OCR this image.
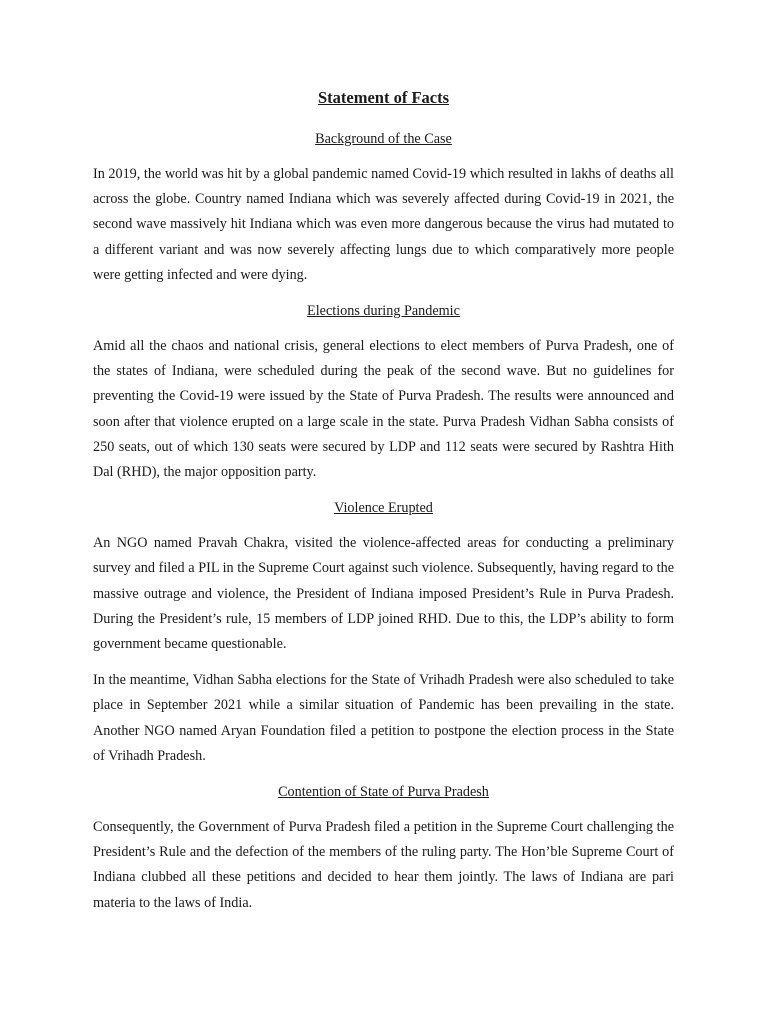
Statement of Facts
Background of the Case

In 2019, the world was hit by a global pandemic named Covid-19 which resulted in lakhs of deaths all across the globe. Country named Indiana which was severely affected during Covid-19 in 2021, the second wave massively hit Indiana which was even more dangerous because the virus had mutated to a different variant and was now severely affecting lungs due to which comparatively more people were getting infected and were dying.

Elections during Pandemic

Amid all the chaos and national crisis, general elections to elect members of Purva Pradesh, one of the states of Indiana, were scheduled during the peak of the second wave. But no guidelines for preventing the Covid-19 were issued by the State of Purva Pradesh. The results were announced and soon after that violence erupted on a large scale in the state. Purva Pradesh Vidhan Sabha consists of 250 seats, out of which 130 seats were secured by LDP and 112 seats were secured by Rashtra Hith Dal (RHD), the major opposition party.

Violence Erupted

An NGO named Pravah Chakra, visited the violence-affected areas for conducting a preliminary survey and filed a PIL in the Supreme Court against such violence. Subsequently, having regard to the massive outrage and violence, the President of Indiana imposed President’s Rule in Purva Pradesh. During the President’s rule, 15 members of LDP joined RHD. Due to this, the LDP’s ability to form government became questionable.

In the meantime, Vidhan Sabha elections for the State of Vrihadh Pradesh were also scheduled to take place in September 2021 while a similar situation of Pandemic has been prevailing in the state. Another NGO named Aryan Foundation filed a petition to postpone the election process in the State of Vrihadh Pradesh.

Contention of State of Purva Pradesh

Consequently, the Government of Purva Pradesh filed a petition in the Supreme Court challenging the President’s Rule and the defection of the members of the ruling party. The Hon’ble Supreme Court of Indiana clubbed all these petitions and decided to hear them jointly. The laws of Indiana are pari materia to the laws of India.
